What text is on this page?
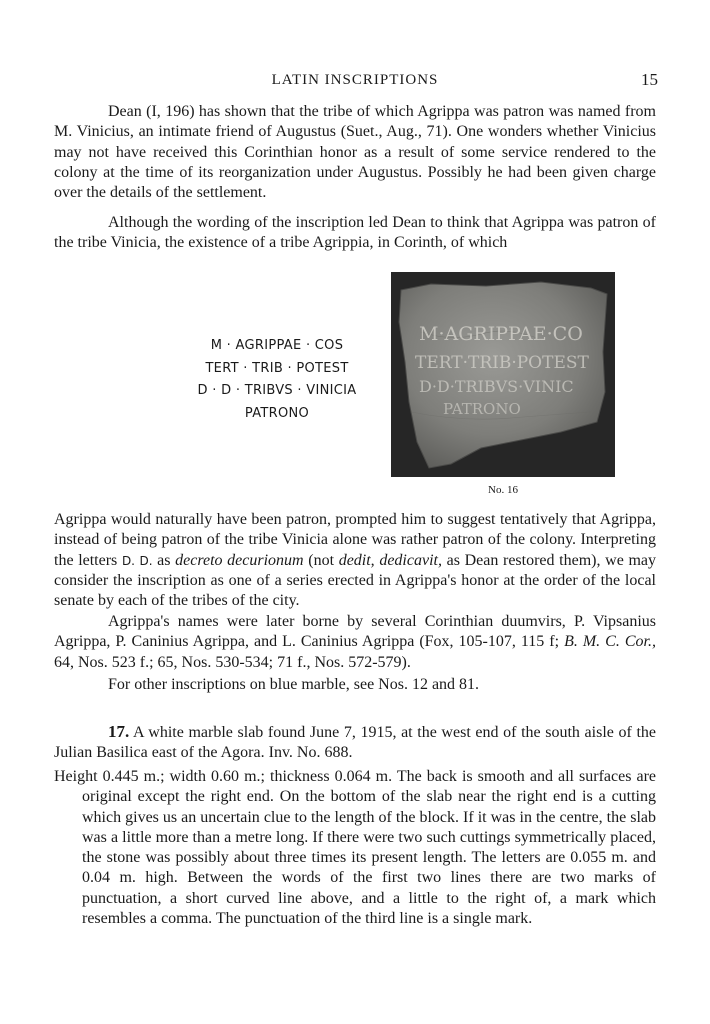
LATIN INSCRIPTIONS	15

Dean (I, 196) has shown that the tribe of which Agrippa was patron was named from M. Vinicius, an intimate friend of Augustus (Suet., Aug., 71). One wonders whether Vinicius may not have received this Corinthian honor as a result of some service rendered to the colony at the time of its reorganization under Augustus. Possibly he had been given charge over the details of the settlement.

Although the wording of the inscription led Dean to think that Agrippa was patron of the tribe Vinicia, the existence of a tribe Agrippia, in Corinth, of which

M · AGRIPPAE · COS
TERT · TRIB · POTEST
D · D · TRIBVS · VINICIA
PATRONO
M·AGRIPPAE·CO
TERT·TRIB·POTEST
D·D·TRIBVS·VINIC
PATRONO
No. 16

Agrippa would naturally have been patron, prompted him to suggest tentatively that Agrippa, instead of being patron of the tribe Vinicia alone was rather patron of the colony. Interpreting the letters D. D. as decreto decurionum (not dedit, dedicavit, as Dean restored them), we may consider the inscription as one of a series erected in Agrippa's honor at the order of the local senate by each of the tribes of the city.

Agrippa's names were later borne by several Corinthian duumvirs, P. Vipsanius Agrippa, P. Caninius Agrippa, and L. Caninius Agrippa (Fox, 105-107, 115 f; B. M. C. Cor., 64, Nos. 523 f.; 65, Nos. 530-534; 71 f., Nos. 572-579).

For other inscriptions on blue marble, see Nos. 12 and 81.

17. A white marble slab found June 7, 1915, at the west end of the south aisle of the Julian Basilica east of the Agora. Inv. No. 688.

Height 0.445 m.; width 0.60 m.; thickness 0.064 m. The back is smooth and all surfaces are original except the right end. On the bottom of the slab near the right end is a cutting which gives us an uncertain clue to the length of the block. If it was in the centre, the slab was a little more than a metre long. If there were two such cuttings symmetrically placed, the stone was possibly about three times its present length. The letters are 0.055 m. and 0.04 m. high. Between the words of the first two lines there are two marks of punctuation, a short curved line above, and a little to the right of, a mark which resembles a comma. The punctuation of the third line is a single mark.
